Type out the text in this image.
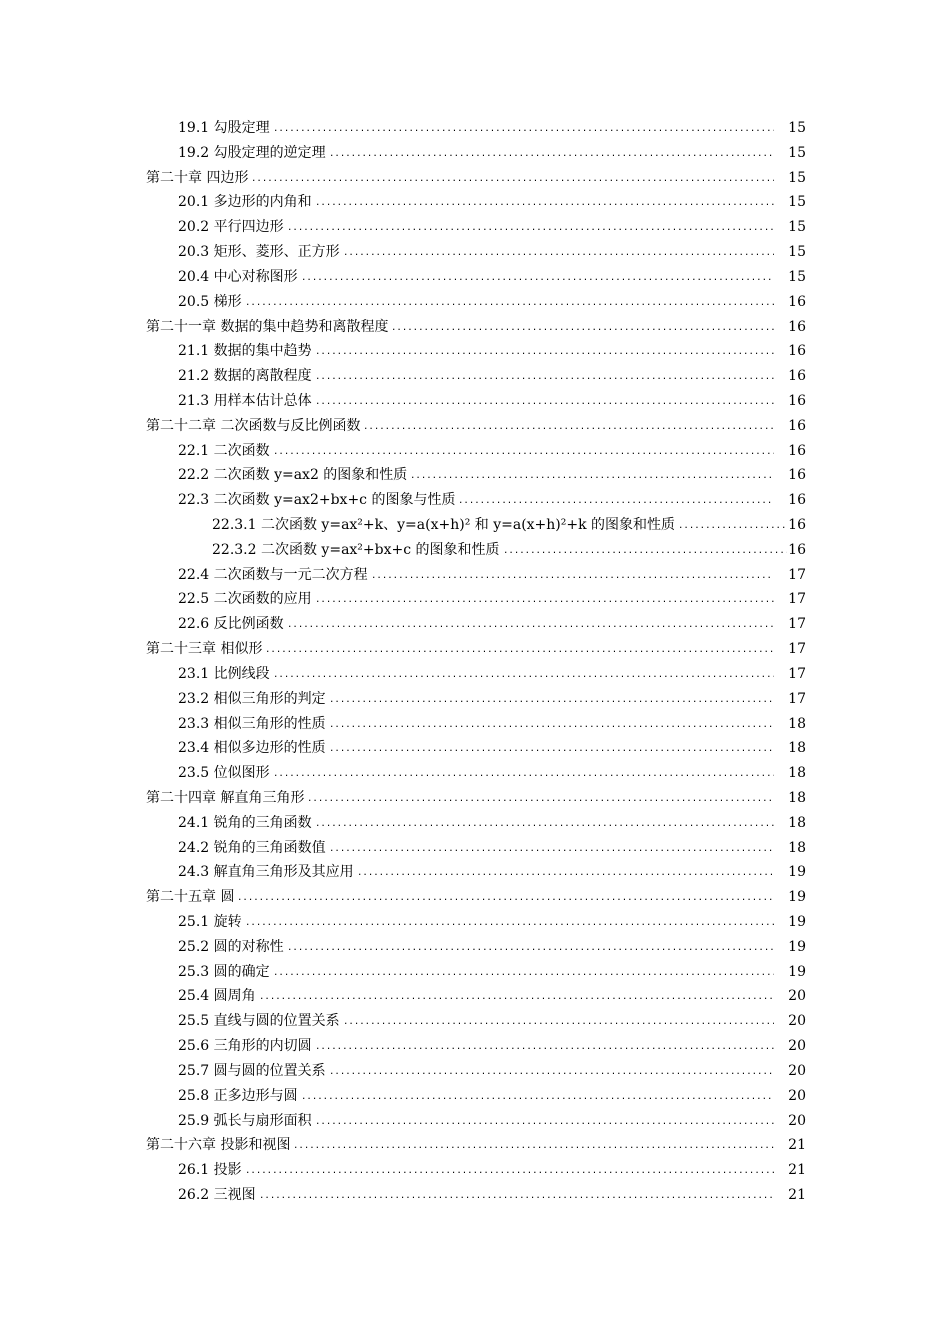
.....
19.1 勾股定理	15
.....
19.2 勾股定理的逆定理	15
.....
第二十章 四边形	15
.....
20.1 多边形的内角和	15
.....
20.2 平行四边形	15
.....
20.3 矩形、菱形、正方形	15
.....
20.4 中心对称图形	15
.....
20.5 梯形	16
.....
第二十一章 数据的集中趋势和离散程度	16
.....
21.1 数据的集中趋势	16
.....
21.2 数据的离散程度	16
.....
21.3 用样本估计总体	16
.....
第二十二章 二次函数与反比例函数	16
.....
22.1 二次函数	16
.....
22.2 二次函数 y=ax2 的图象和性质	16
.....
22.3 二次函数 y=ax2+bx+c 的图象与性质	16
.....
22.3.1 二次函数 y=ax²+k、y=a(x+h)² 和 y=a(x+h)²+k 的图象和性质	16
.....
22.3.2 二次函数 y=ax²+bx+c 的图象和性质	16
.....
22.4 二次函数与一元二次方程	17
.....
22.5 二次函数的应用	17
.....
22.6 反比例函数	17
.....
第二十三章 相似形	17
.....
23.1 比例线段	17
.....
23.2 相似三角形的判定	17
.....
23.3 相似三角形的性质	18
.....
23.4 相似多边形的性质	18
.....
23.5 位似图形	18
.....
第二十四章 解直角三角形	18
.....
24.1 锐角的三角函数	18
.....
24.2 锐角的三角函数值	18
.....
24.3 解直角三角形及其应用	19
.....
第二十五章 圆	19
.....
25.1 旋转	19
.....
25.2 圆的对称性	19
.....
25.3 圆的确定	19
.....
25.4 圆周角	20
.....
25.5 直线与圆的位置关系	20
.....
25.6 三角形的内切圆	20
.....
25.7 圆与圆的位置关系	20
.....
25.8 正多边形与圆	20
.....
25.9 弧长与扇形面积	20
.....
第二十六章 投影和视图	21
.....
26.1 投影	21
.....
26.2 三视图	21
